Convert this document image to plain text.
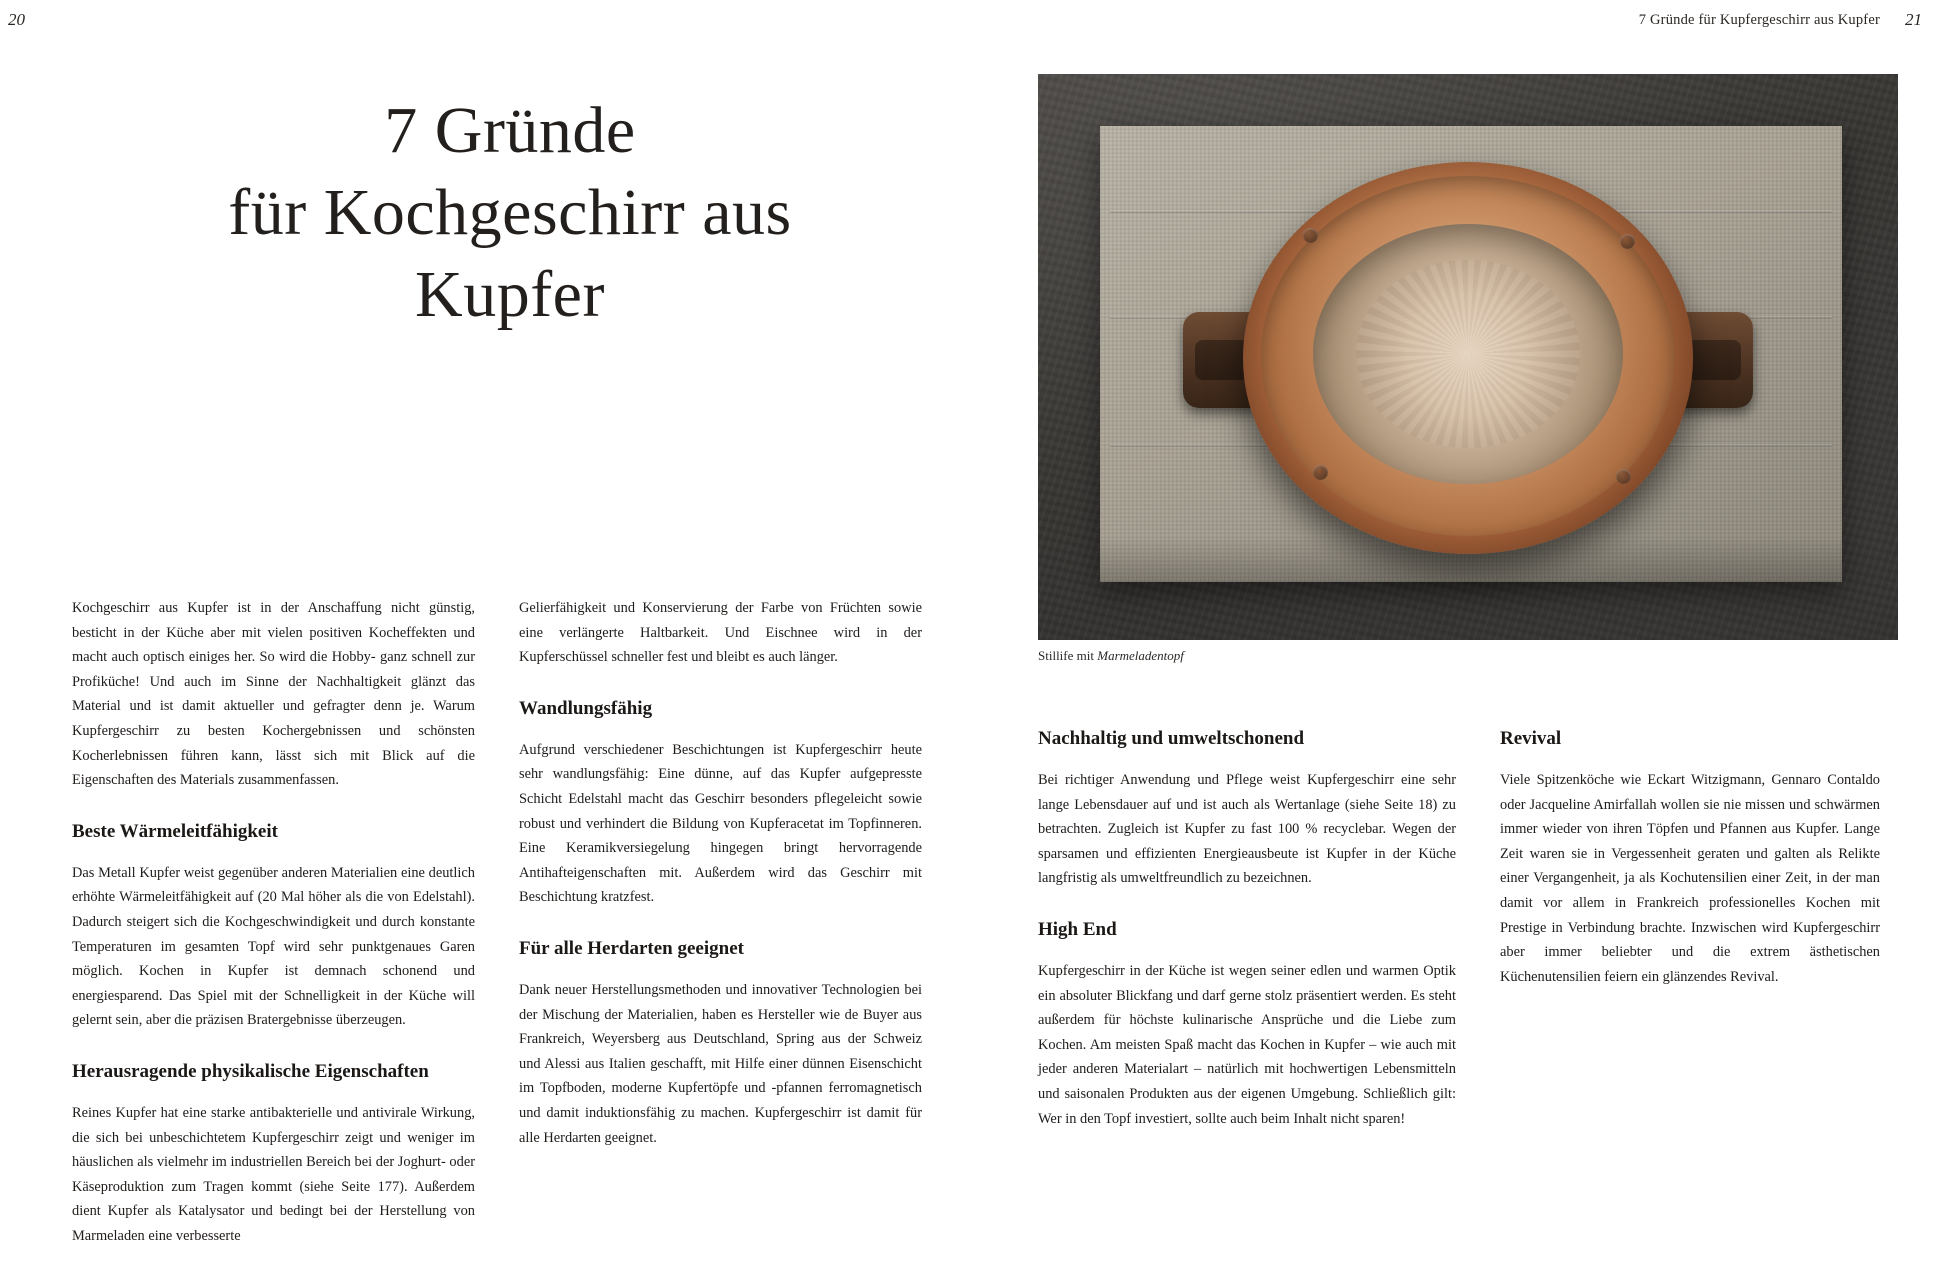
20
7 Gründe
für Kochgeschirr aus
Kupfer

Kochgeschirr aus Kupfer ist in der Anschaffung nicht günstig, besticht in der Küche aber mit vielen positiven Kocheffekten und macht auch optisch einiges her. So wird die Hobby- ganz schnell zur Profiküche! Und auch im Sinne der Nachhaltigkeit glänzt das Material und ist damit aktueller und gefragter denn je. Warum Kupfergeschirr zu besten Kochergebnissen und schönsten Kocherlebnissen führen kann, lässt sich mit Blick auf die Eigenschaften des Materials zusammenfassen.

Beste Wärmeleitfähigkeit

Das Metall Kupfer weist gegenüber anderen Materialien eine deutlich erhöhte Wärmeleitfähigkeit auf (20 Mal höher als die von Edelstahl). Dadurch steigert sich die Kochgeschwindigkeit und durch konstante Temperaturen im gesamten Topf wird sehr punktgenaues Garen möglich. Kochen in Kupfer ist demnach schonend und energiesparend. Das Spiel mit der Schnelligkeit in der Küche will gelernt sein, aber die präzisen Bratergebnisse überzeugen.

Herausragende physikalische Eigenschaften

Reines Kupfer hat eine starke antibakterielle und antivirale Wirkung, die sich bei unbeschichtetem Kupfergeschirr zeigt und weniger im häuslichen als vielmehr im industriellen Bereich bei der Joghurt- oder Käseproduktion zum Tragen kommt (siehe Seite 177). Außerdem dient Kupfer als Katalysator und bedingt bei der Herstellung von Marmeladen eine verbesserte

Gelierfähigkeit und Konservierung der Farbe von Früchten sowie eine verlängerte Haltbarkeit. Und Eischnee wird in der Kupferschüssel schneller fest und bleibt es auch länger.

Wandlungsfähig

Aufgrund verschiedener Beschichtungen ist Kupfergeschirr heute sehr wandlungsfähig: Eine dünne, auf das Kupfer aufgepresste Schicht Edelstahl macht das Geschirr besonders pflegeleicht sowie robust und verhindert die Bildung von Kupferacetat im Topfinneren. Eine Keramikversiegelung hingegen bringt hervorragende Antihafteigenschaften mit. Außerdem wird das Geschirr mit Beschichtung kratzfest.

Für alle Herdarten geeignet

Dank neuer Herstellungsmethoden und innovativer Technologien bei der Mischung der Materialien, haben es Hersteller wie de Buyer aus Frankreich, Weyersberg aus Deutschland, Spring aus der Schweiz und Alessi aus Italien geschafft, mit Hilfe einer dünnen Eisenschicht im Topfboden, moderne Kupfertöpfe und -pfannen ferromagnetisch und damit induktionsfähig zu machen. Kupfergeschirr ist damit für alle Herdarten geeignet.

7 Gründe für Kupfergeschirr aus Kupfer 21
Stillife mit Marmeladentopf
Nachhaltig und umweltschonend

Bei richtiger Anwendung und Pflege weist Kupfergeschirr eine sehr lange Lebensdauer auf und ist auch als Wertanlage (siehe Seite 18) zu betrachten. Zugleich ist Kupfer zu fast 100 % recyclebar. Wegen der sparsamen und effizienten Energieausbeute ist Kupfer in der Küche langfristig als umweltfreundlich zu bezeichnen.

High End

Kupfergeschirr in der Küche ist wegen seiner edlen und warmen Optik ein absoluter Blickfang und darf gerne stolz präsentiert werden. Es steht außerdem für höchste kulinarische Ansprüche und die Liebe zum Kochen. Am meisten Spaß macht das Kochen in Kupfer – wie auch mit jeder anderen Materialart – natürlich mit hochwertigen Lebensmitteln und saisonalen Produkten aus der eigenen Umgebung. Schließlich gilt: Wer in den Topf investiert, sollte auch beim Inhalt nicht sparen!

Revival

Viele Spitzenköche wie Eckart Witzigmann, Gennaro Contaldo oder Jacqueline Amirfallah wollen sie nie missen und schwärmen immer wieder von ihren Töpfen und Pfannen aus Kupfer. Lange Zeit waren sie in Vergessenheit geraten und galten als Relikte einer Vergangenheit, ja als Kochutensilien einer Zeit, in der man damit vor allem in Frankreich professionelles Kochen mit Prestige in Verbindung brachte. Inzwischen wird Kupfergeschirr aber immer beliebter und die extrem ästhetischen Küchenutensilien feiern ein glänzendes Revival.
